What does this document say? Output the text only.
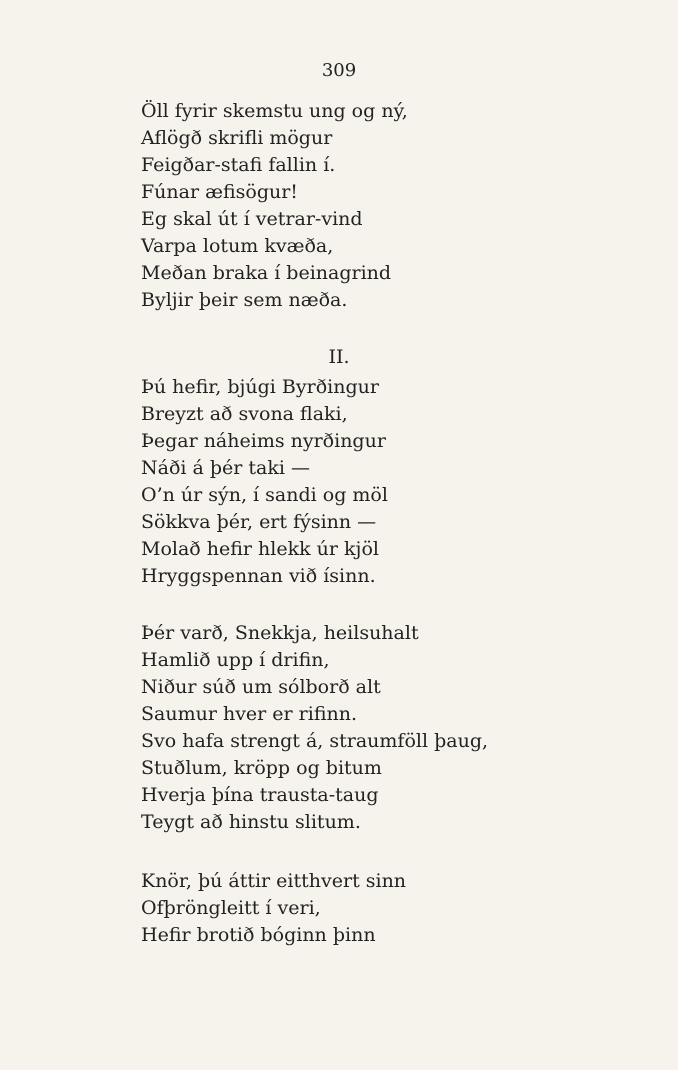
309
Öll fyrir skemstu ung og ný,
Aflögð skrifli mögur
Feigðar-stafi fallin í.
Fúnar æfisögur!
Eg skal út í vetrar-vind
Varpa lotum kvæða,
Meðan braka í beinagrind
Byljir þeir sem næða.
II.
Þú hefir, bjúgi Byrðingur
Breyzt að svona flaki,
Þegar náheims nyrðingur
Náði á þér taki —
O’n úr sýn, í sandi og möl
Sökkva þér, ert fýsinn —
Molað hefir hlekk úr kjöl
Hryggspennan við ísinn.
Þér varð, Snekkja, heilsuhalt
Hamlið upp í drifin,
Niður súð um sólborð alt
Saumur hver er rifinn.
Svo hafa strengt á, straumföll þaug,
Stuðlum, kröpp og bitum
Hverja þína trausta-taug
Teygt að hinstu slitum.
Knör, þú áttir eitthvert sinn
Ofþröngleitt í veri,
Hefir brotið bóginn þinn
